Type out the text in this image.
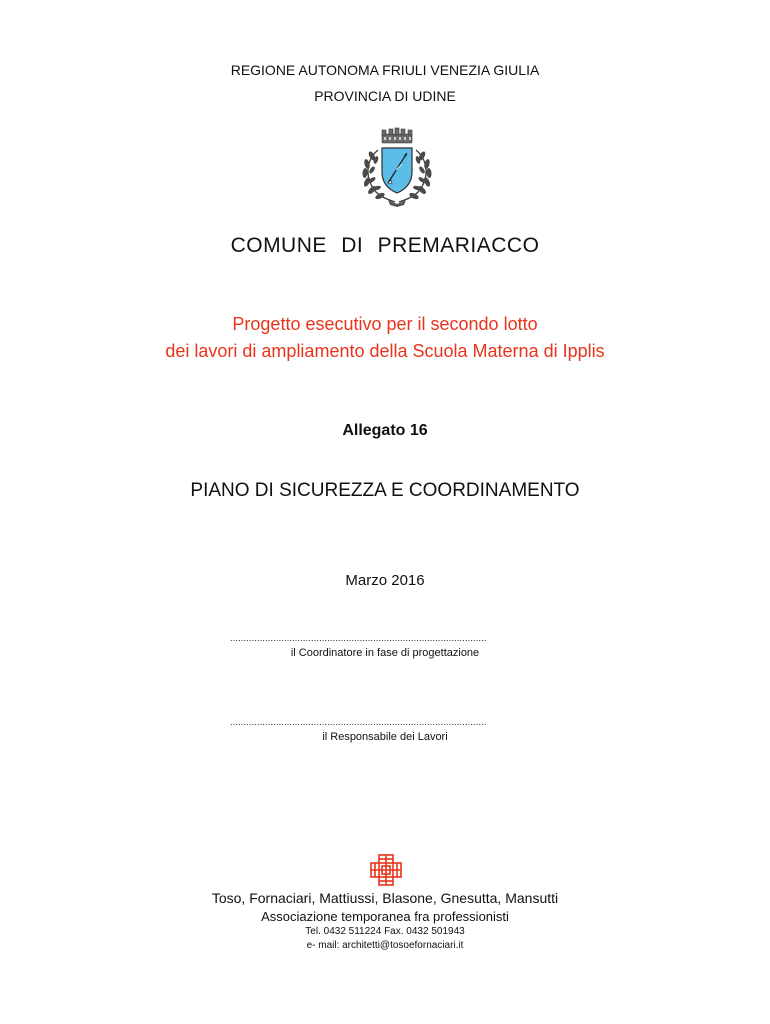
REGIONE AUTONOMA FRIULI VENEZIA GIULIA
PROVINCIA DI UDINE
COMUNE DI PREMARIACCO
Progetto esecutivo per il secondo lotto
dei lavori di ampliamento della Scuola Materna di Ipplis
Allegato 16
PIANO DI SICUREZZA E COORDINAMENTO
Marzo 2016
...............................................................................................
il Coordinatore in fase di progettazione
...............................................................................................
il Responsabile dei Lavori
Toso, Fornaciari, Mattiussi, Blasone, Gnesutta, Mansutti
Associazione temporanea fra professionisti
Tel. 0432 511224 Fax. 0432 501943
e- mail: architetti@tosoefornaciari.it
